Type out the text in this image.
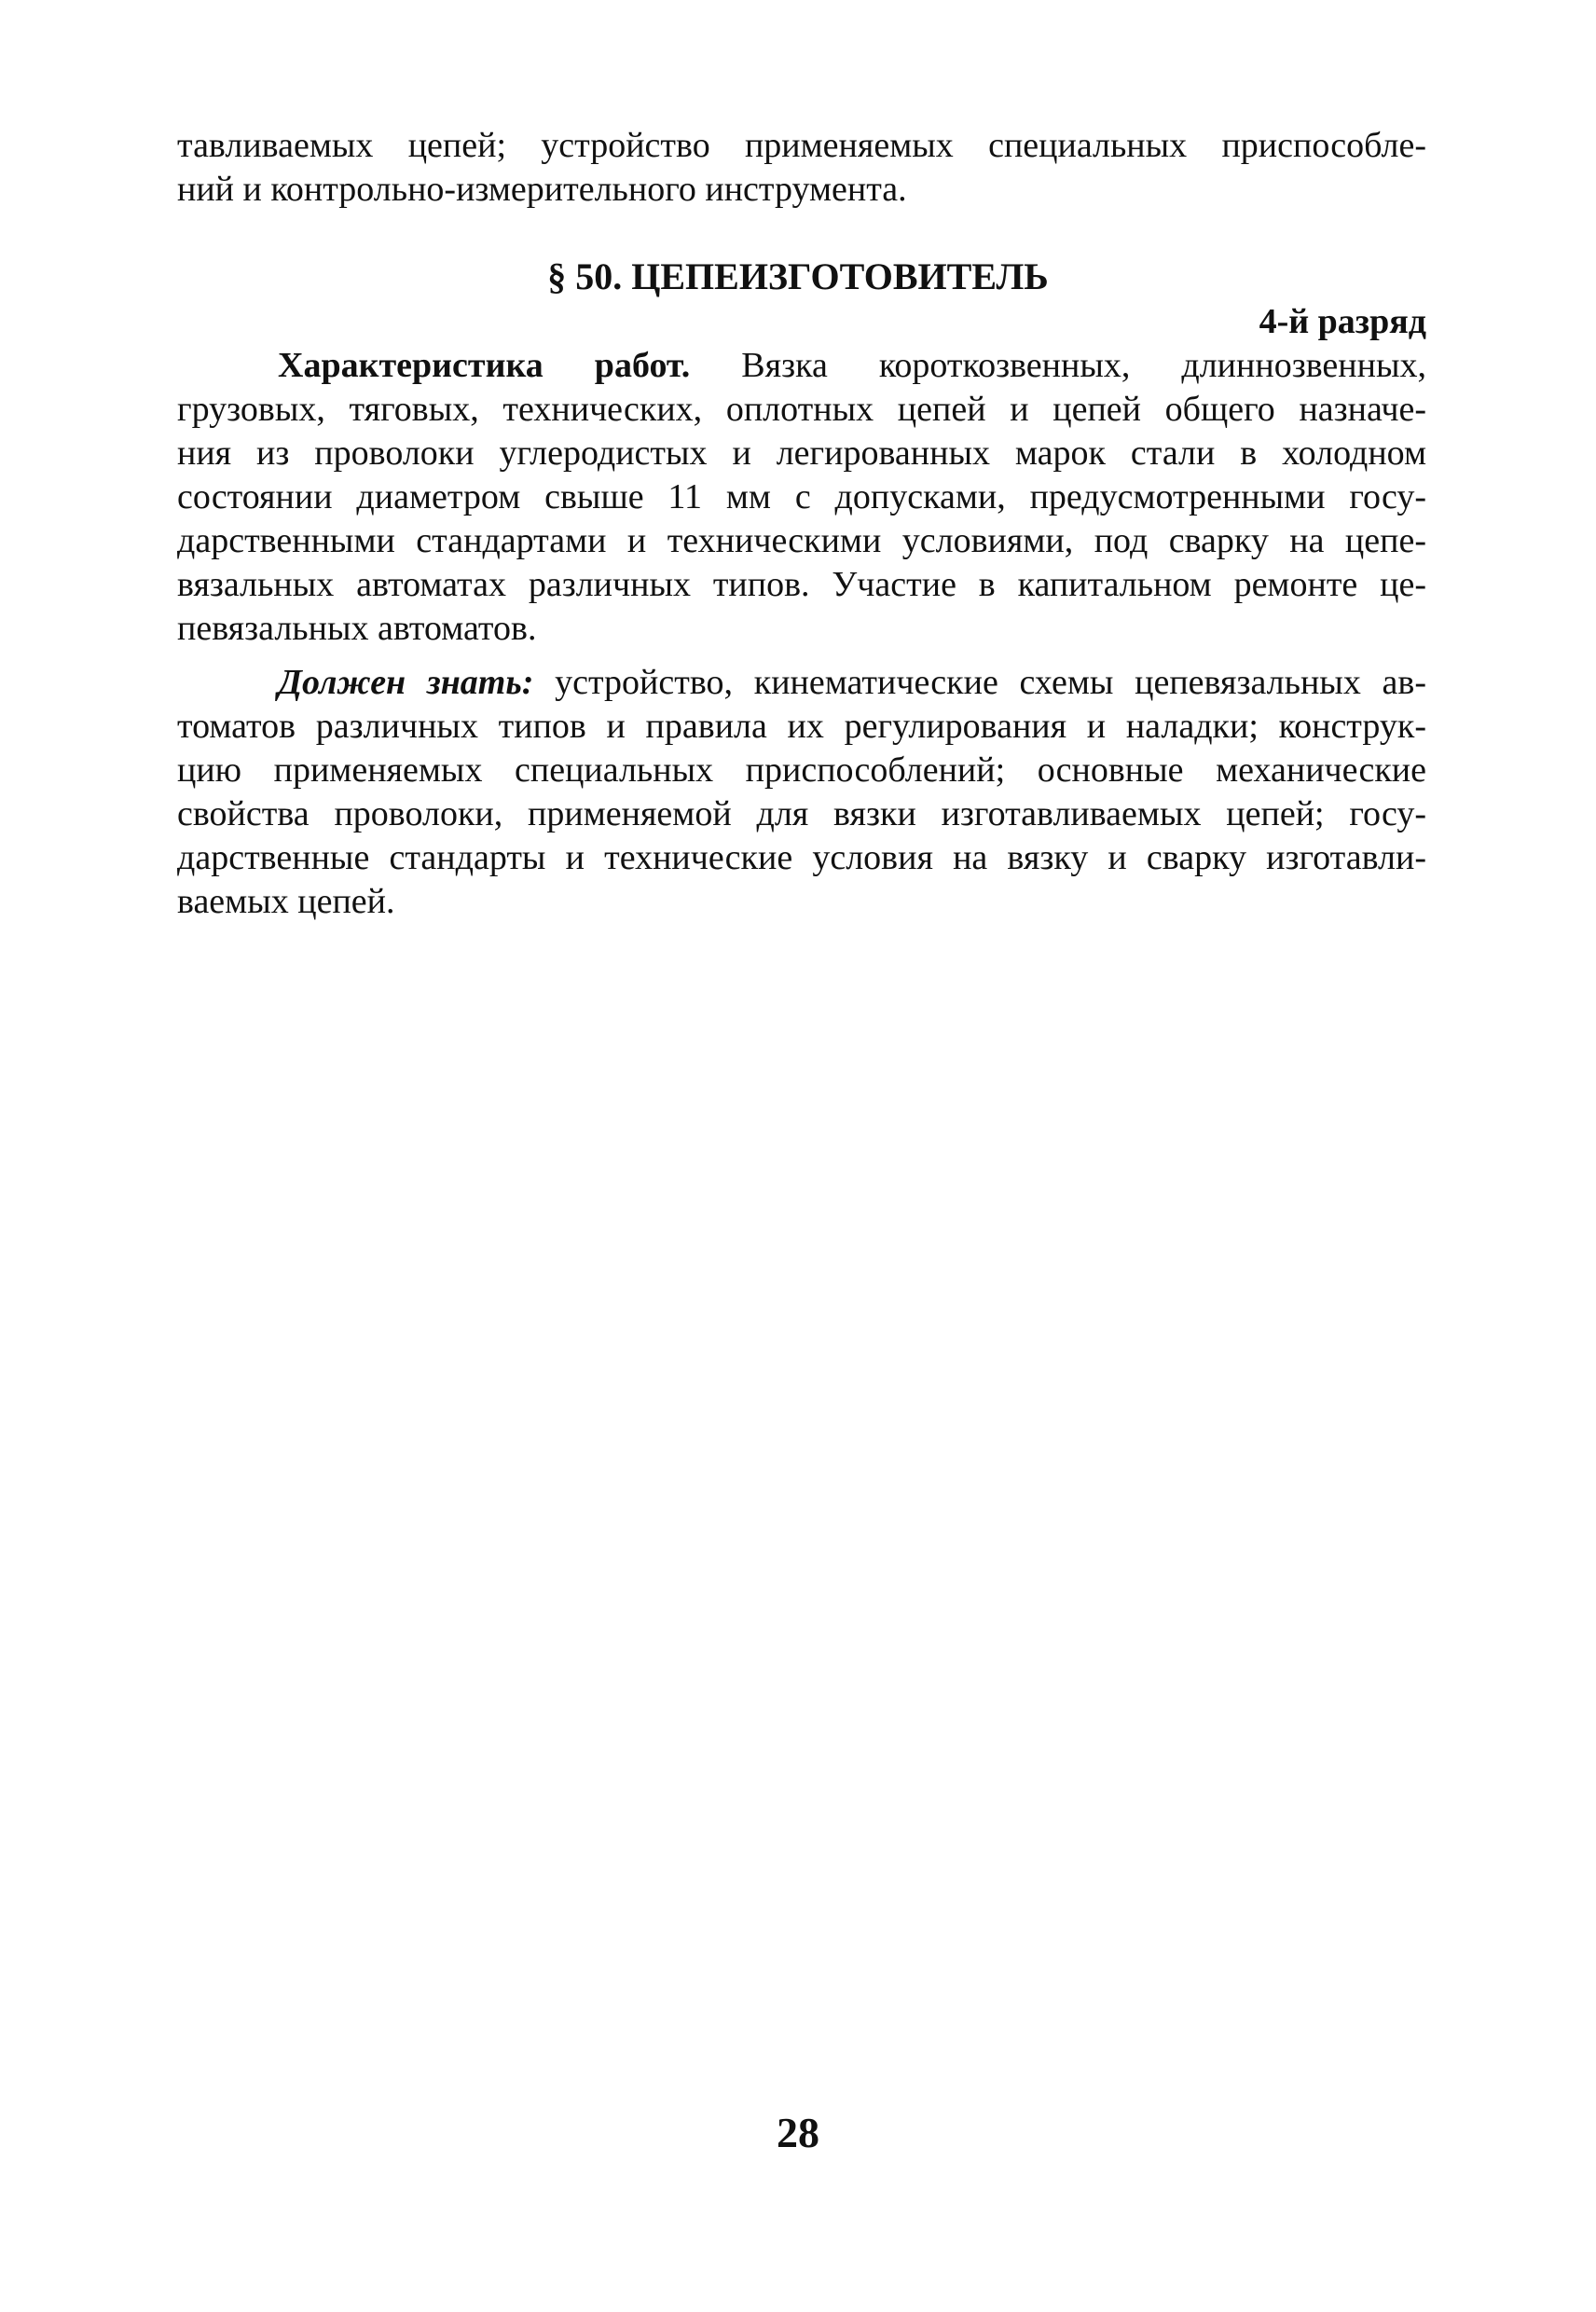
тавливаемых цепей; устройство применяемых специальных приспособле-
ний и контрольно-измерительного инструмента.
§ 50. ЦЕПЕИЗГОТОВИТЕЛЬ
4-й разряд
Характеристика работ. Вязка короткозвенных, длиннозвенных,
грузовых, тяговых, технических, оплотных цепей и цепей общего назначе-
ния из проволоки углеродистых и легированных марок стали в холодном
состоянии диаметром свыше 11 мм с допусками, предусмотренными госу-
дарственными стандартами и техническими условиями, под сварку на цепе-
вязальных автоматах различных типов. Участие в капитальном ремонте це-
певязальных автоматов.
Должен знать: устройство, кинематические схемы цепевязальных ав-
томатов различных типов и правила их регулирования и наладки; конструк-
цию применяемых специальных приспособлений; основные механические
свойства проволоки, применяемой для вязки изготавливаемых цепей; госу-
дарственные стандарты и технические условия на вязку и сварку изготавли-
ваемых цепей.
28
